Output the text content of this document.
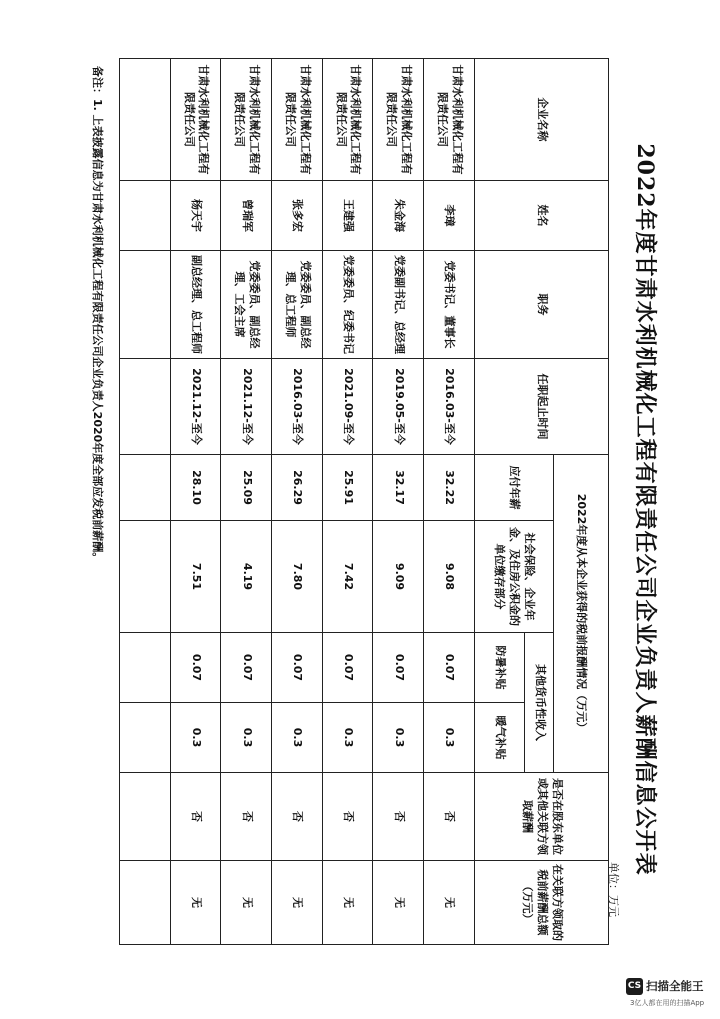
2022年度甘肃水利机械化工程有限责任公司企业负责人薪酬信息公开表
单位：万元
企业名称	姓名	职务	任职起止时间	2022年度从本企业获得的税前报酬情况（万元）				是否在股东单位或其他关联方领取薪酬	在关联方领取的税前薪酬总额（万元）
				应付年薪	社会保险、企业年金、及住房公积金的单位缴存部分	其他货币性收入			
						防暑补贴	暖气补贴		
甘肃水利机械化工程有限责任公司	李璋	党委书记、董事长	2016.03-至今	32.22	9.08	0.07	0.3	否	无
甘肃水利机械化工程有限责任公司	朱金海	党委副书记、总经理	2019.05-至今	32.17	9.09	0.07	0.3	否	无
甘肃水利机械化工程有限责任公司	王建强	党委委员、纪委书记	2021.09-至今	25.91	7.42	0.07	0.3	否	无
甘肃水利机械化工程有限责任公司	张多宏	党委委员、副总经理、总工程师	2016.03-至今	26.29	7.80	0.07	0.3	否	无
甘肃水利机械化工程有限责任公司	曾瑞军	党委委员、副总经理、工会主席	2021.12-至今	25.09	4.19	0.07	0.3	否	无
甘肃水利机械化工程有限责任公司	杨天宇	副总经理、总工程师	2021.12-至今	28.10	7.51	0.07	0.3	否	无

备注：1. 上表披露信息为甘肃水利机械化工程有限责任公司企业负责人2020年度全部应发税前薪酬。
CS 扫描全能王
3亿人都在用的扫描App
